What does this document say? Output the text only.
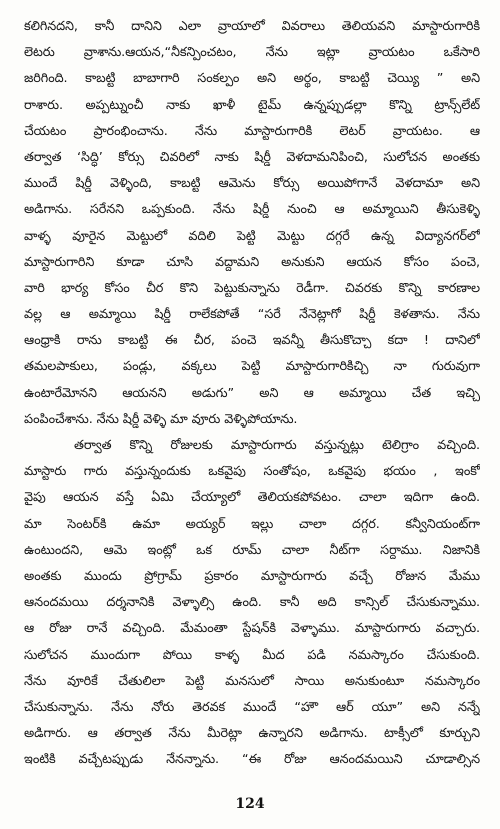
కలిగినదని, కానీ దానిని ఎలా వ్రాయాలో వివరాలు తెలియవని మాస్టారుగారికి
లెటరు వ్రాశాను.ఆయన,“నీకన్పించటం, నేను ఇట్లా వ్రాయటం ఒకేసారి
జరిగింది. కాబట్టి బాబాగారి సంకల్పం అని అర్థం, కాబట్టి చెయ్యి ” అని
రాశారు. అప్పట్నుంచీ నాకు ఖాళీ టైమ్ ఉన్నప్పుడల్లా కొన్ని ట్రాన్స్‌లేట్
చేయటం ప్రారంభించాను. నేను మాస్టారుగారికి లెటర్ వ్రాయటం. ఆ
తర్వాత ‘సిద్ధి’ కోర్సు చివరిలో నాకు షిర్డీ వెళదామనిపించి, సులోచన అంతకు
ముందే షిర్డీ వెళ్ళింది, కాబట్టి ఆమెను కోర్సు అయిపోగానే వెళదామా అని
అడిగాను. సరేనని ఒప్పకుంది. నేను షిర్డీ నుంచి ఆ అమ్మాయిని తీసుకెళ్ళి
వాళ్ళ వూరైన మెట్టులో వదిలి పెట్టి మెట్టు దగ్గరే ఉన్న విద్యానగర్‌లో
మాస్టారుగారిని కూడా చూసి వద్దామని అనుకుని ఆయన కోసం పంచె,
వారి భార్య కోసం చీర కొని పెట్టుకున్నాను రెడీగా. చివరకు కొన్ని కారణాల
వల్ల ఆ అమ్మాయి షిర్డీ రాలేకపోతే “సరే నేనెట్లాగో షిర్డీ కెళతాను. నేను
ఆంధ్రాకి రాను కాబట్టి ఈ చీర, పంచె ఇవన్నీ తీసుకొచ్చా కదా ! దానిలో
తమలపాకులు, పండ్లు, వక్కలు పెట్టి మాస్టారుగారికిచ్చి నా గురువుగా
ఉంటారేమోనని ఆయనని అడుగు” అని ఆ అమ్మాయి చేత ఇచ్చి
పంపించేశాను. నేను షిర్డీ వెళ్ళి మా వూరు వెళ్ళిపోయాను.
తర్వాత కొన్ని రోజులకు మాస్టారుగారు వస్తున్నట్లు టెలిగ్రాం వచ్చింది.
మాస్టారు గారు వస్తున్నందుకు ఒకవైపు సంతోషం, ఒకవైపు భయం , ఇంకో
వైపు ఆయన వస్తే ఏమి చేయ్యాలో తెలియకపోవటం. చాలా ఇదిగా ఉంది.
మా సెంటర్‌కి ఉమా అయ్యర్ ఇల్లు చాలా దగ్గర. కన్వీనియంట్‌గా
ఉంటుందని, ఆమె ఇంట్లో ఒక రూమ్ చాలా నీట్‌గా సర్దాము. నిజానికి
అంతకు ముందు ప్రోగ్రామ్ ప్రకారం మాస్టారుగారు వచ్చే రోజున మేము
ఆనందమయి దర్శనానికి వెళ్ళాల్సి ఉంది. కానీ అది కాన్సిల్ చేసుకున్నాము.
ఆ రోజు రానే వచ్చింది. మేమంతా స్టేషన్‌కి వెళ్ళాము. మాస్టారుగారు వచ్చారు.
సులోచన ముందుగా పోయి కాళ్ళ మీద పడి నమస్కారం చేసుకుంది.
నేను వూరికే చేతులిలా పెట్టి మనసులో సాయి అనుకుంటూ నమస్కారం
చేసుకున్నాను. నేను నోరు తెరవక ముందే “హౌ ఆర్ యూ” అని నన్నే
అడిగారు. ఆ తర్వాత నేను మీరెట్లా ఉన్నారని అడిగాను. టాక్సీలో కూర్చుని
ఇంటికి వచ్చేటప్పుడు నేనన్నాను. “ఈ రోజు ఆనందమయిని చూడాల్సిన
124
